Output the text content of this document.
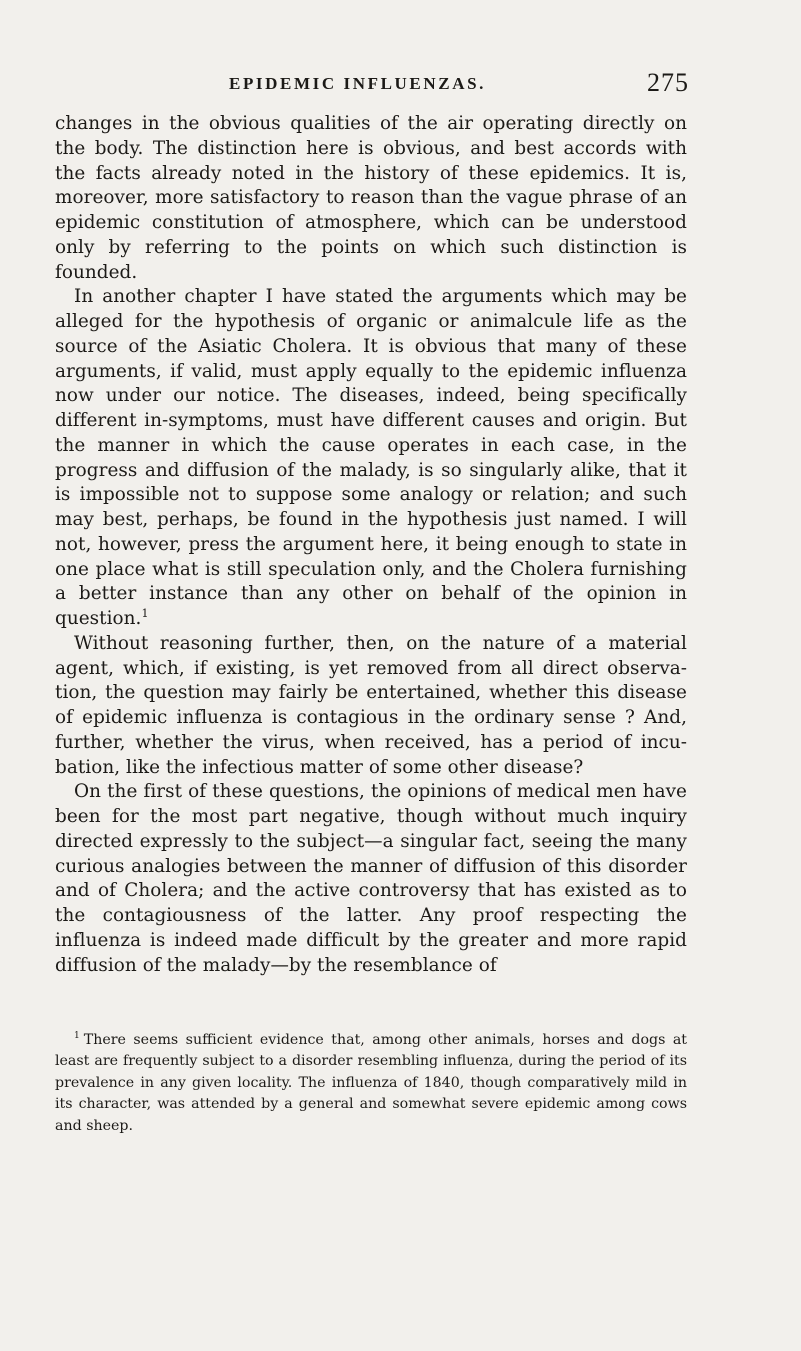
EPIDEMIC INFLUENZAS.	275

changes in the obvious qualities of the air operating directly on the body. The distinction here is obvious, and best accords with the facts already noted in the history of these epidemics. It is, moreover, more satisfactory to reason than the vague phrase of an epidemic constitution of atmosphere, which can be understood only by referring to the points on which such distinction is founded.

In another chapter I have stated the arguments which may be alleged for the hypothesis of organic or animalcule life as the source of the Asiatic Cholera. It is obvious that many of these arguments, if valid, must apply equally to the epidemic influenza now under our notice. The diseases, indeed, being specifically different in-symptoms, must have different causes and origin. But the manner in which the cause operates in each case, in the progress and diffusion of the malady, is so singularly alike, that it is impossible not to suppose some analogy or relation; and such may best, perhaps, be found in the hypothesis just named. I will not, however, press the argument here, it being enough to state in one place what is still speculation only, and the Cholera furnishing a better instance than any other on behalf of the opinion in question.$^1$

Without reasoning further, then, on the nature of a material agent, which, if existing, is yet removed from all direct observation, the question may fairly be entertained, whether this disease of epidemic influenza is contagious in the ordinary sense ? And, further, whether the virus, when received, has a period of incubation, like the infectious matter of some other disease?

On the first of these questions, the opinions of medical men have been for the most part negative, though without much inquiry directed expressly to the subject—a singular fact, seeing the many curious analogies between the manner of diffusion of this disorder and of Cholera; and the active controversy that has existed as to the contagiousness of the latter. Any proof respecting the influenza is indeed made difficult by the greater and more rapid diffusion of the malady—by the resemblance of

$^1$ There seems sufficient evidence that, among other animals, horses and dogs at least are frequently subject to a disorder resembling influenza, during the period of its prevalence in any given locality. The influenza of 1840, though comparatively mild in its character, was attended by a general and somewhat severe epidemic among cows and sheep.
